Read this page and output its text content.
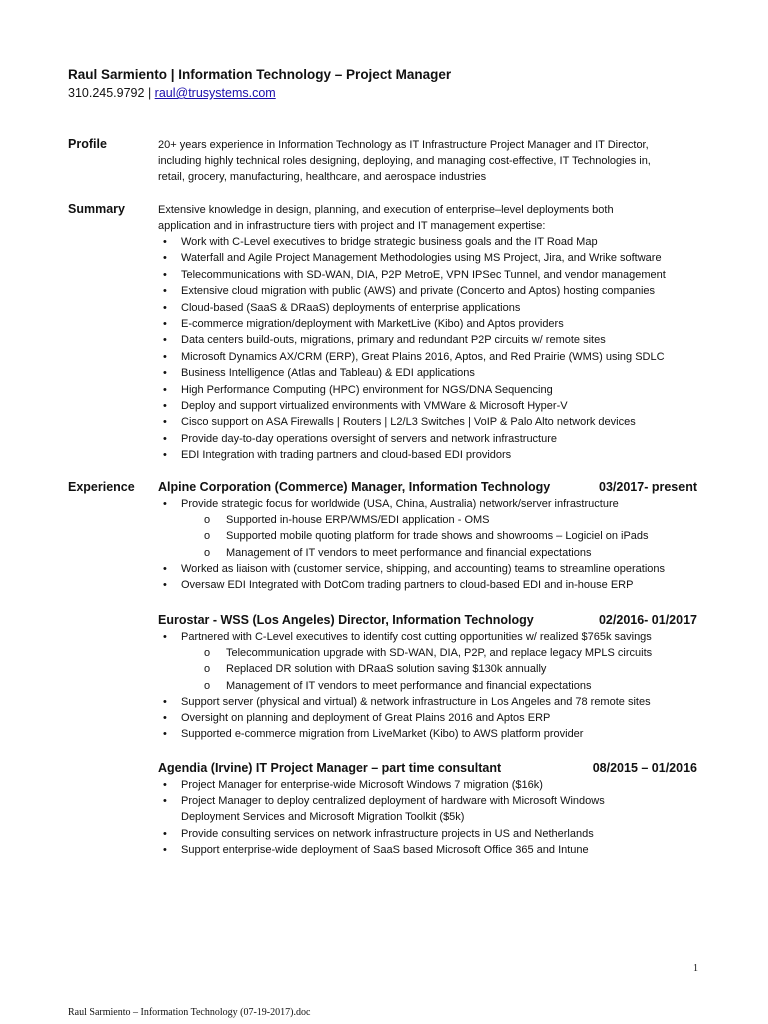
Raul Sarmiento | Information Technology – Project Manager
310.245.9792 | raul@trusystems.com
Profile	20+ years experience in Information Technology as IT Infrastructure Project Manager and IT Director,
including highly technical roles designing, deploying, and managing cost-effective, IT Technologies in,
retail, grocery, manufacturing, healthcare, and aerospace industries
Summary	Extensive knowledge in design, planning, and execution of enterprise–level deployments both
application and in infrastructure tiers with project and IT management expertise:
• Work with C-Level executives to bridge strategic business goals and the IT Road Map
• Waterfall and Agile Project Management Methodologies using MS Project, Jira, and Wrike software
• Telecommunications with SD-WAN, DIA, P2P MetroE, VPN IPSec Tunnel, and vendor management
• Extensive cloud migration with public (AWS) and private (Concerto and Aptos) hosting companies
• Cloud-based (SaaS & DRaaS) deployments of enterprise applications
• E-commerce migration/deployment with MarketLive (Kibo) and Aptos providers
• Data centers build-outs, migrations, primary and redundant P2P circuits w/ remote sites
• Microsoft Dynamics AX/CRM (ERP), Great Plains 2016, Aptos, and Red Prairie (WMS) using SDLC
• Business Intelligence (Atlas and Tableau) & EDI applications
• High Performance Computing (HPC) environment for NGS/DNA Sequencing
• Deploy and support virtualized environments with VMWare & Microsoft Hyper-V
• Cisco support on ASA Firewalls | Routers | L2/L3 Switches | VoIP & Palo Alto network devices
• Provide day-to-day operations oversight of servers and network infrastructure
• EDI Integration with trading partners and cloud-based EDI providors
Experience Alpine Corporation (Commerce) Manager, Information Technology	03/2017- present
• Provide strategic focus for worldwide (USA, China, Australia) network/server infrastructure
o Supported in-house ERP/WMS/EDI application - OMS
o Supported mobile quoting platform for trade shows and showrooms – Logiciel on iPads
o Management of IT vendors to meet performance and financial expectations
• Worked as liaison with (customer service, shipping, and accounting) teams to streamline operations
• Oversaw EDI Integrated with DotCom trading partners to cloud-based EDI and in-house ERP
Eurostar - WSS (Los Angeles) Director, Information Technology	02/2016- 01/2017
• Partnered with C-Level executives to identify cost cutting opportunities w/ realized $765k savings
o Telecommunication upgrade with SD-WAN, DIA, P2P, and replace legacy MPLS circuits
o Replaced DR solution with DRaaS solution saving $130k annually
o Management of IT vendors to meet performance and financial expectations
• Support server (physical and virtual) & network infrastructure in Los Angeles and 78 remote sites
• Oversight on planning and deployment of Great Plains 2016 and Aptos ERP
• Supported e-commerce migration from LiveMarket (Kibo) to AWS platform provider
Agendia (Irvine) IT Project Manager – part time consultant	08/2015 – 01/2016
• Project Manager for enterprise-wide Microsoft Windows 7 migration ($16k)
• Project Manager to deploy centralized deployment of hardware with Microsoft Windows
Deployment Services and Microsoft Migration Toolkit ($5k)
• Provide consulting services on network infrastructure projects in US and Netherlands
• Support enterprise-wide deployment of SaaS based Microsoft Office 365 and Intune
1
Raul Sarmiento – Information Technology (07-19-2017).doc
